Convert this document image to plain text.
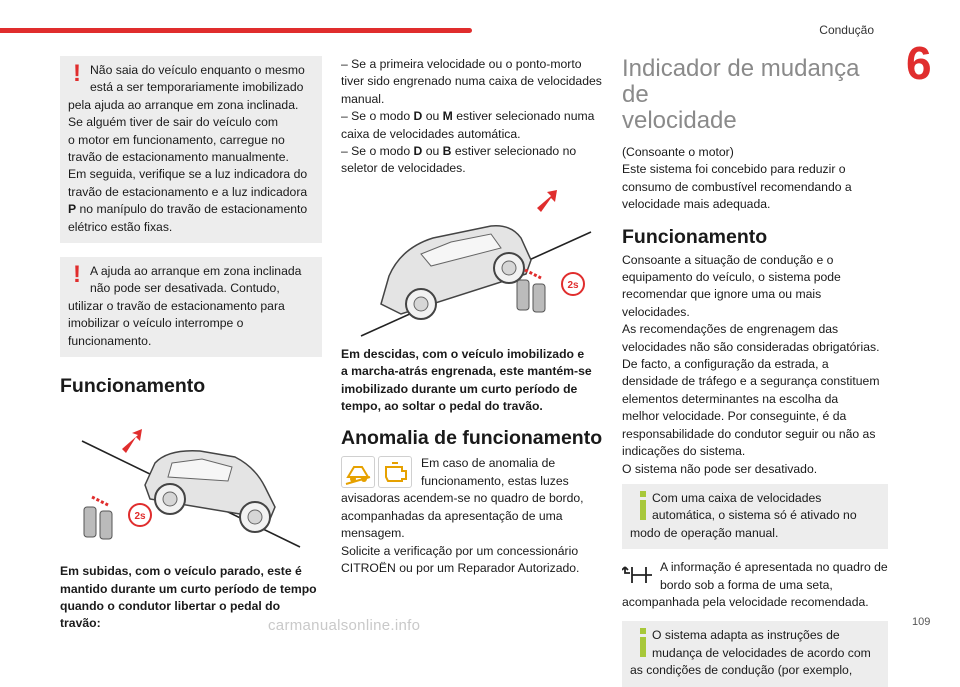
Condução
6
109
carmanualsonline.info
! Não saia do veículo enquanto o mesmo

está a ser temporariamente imobilizado

pela ajuda ao arranque em zona inclinada.

Se alguém tiver de sair do veículo com

o motor em funcionamento, carregue no

travão de estacionamento manualmente.

Em seguida, verifique se a luz indicadora do

travão de estacionamento e a luz indicadora

P no manípulo do travão de estacionamento

elétrico estão fixas.

! A ajuda ao arranque em zona inclinada

não pode ser desativada. Contudo,

utilizar o travão de estacionamento para

imobilizar o veículo interrompe o

funcionamento.

Funcionamento
2s

Em subidas, com o veículo parado, este é

mantido durante um curto período de tempo

quando o condutor libertar o pedal do travão:

– Se a primeira velocidade ou o ponto-morto

tiver sido engrenado numa caixa de velocidades

manual.

– Se o modo D ou M estiver selecionado numa

caixa de velocidades automática.

– Se o modo D ou B estiver selecionado no

seletor de velocidades.

2s

Em descidas, com o veículo imobilizado e

a marcha-atrás engrenada, este mantém-se

imobilizado durante um curto período de

tempo, ao soltar o pedal do travão.

Anomalia de funcionamento

Em caso de anomalia de

funcionamento, estas luzes

avisadoras acendem-se no quadro de bordo,

acompanhadas da apresentação de uma

mensagem.

Solicite a verificação por um concessionário

CITROËN ou por um Reparador Autorizado.

Indicador de mudança de
velocidade

(Consoante o motor)

Este sistema foi concebido para reduzir o

consumo de combustível recomendando a

velocidade mais adequada.

Funcionamento

Consoante a situação de condução e o

equipamento do veículo, o sistema pode

recomendar que ignore uma ou mais

velocidades.

As recomendações de engrenagem das

velocidades não são consideradas obrigatórias.

De facto, a configuração da estrada, a

densidade de tráfego e a segurança constituem

elementos determinantes na escolha da

melhor velocidade. Por conseguinte, é da

responsabilidade do condutor seguir ou não as

indicações do sistema.

O sistema não pode ser desativado.

Com uma caixa de velocidades

automática, o sistema só é ativado no

modo de operação manual.

A informação é apresentada no quadro de

bordo sob a forma de uma seta,

acompanhada pela velocidade recomendada.

O sistema adapta as instruções de

mudança de velocidades de acordo com

as condições de condução (por exemplo,
